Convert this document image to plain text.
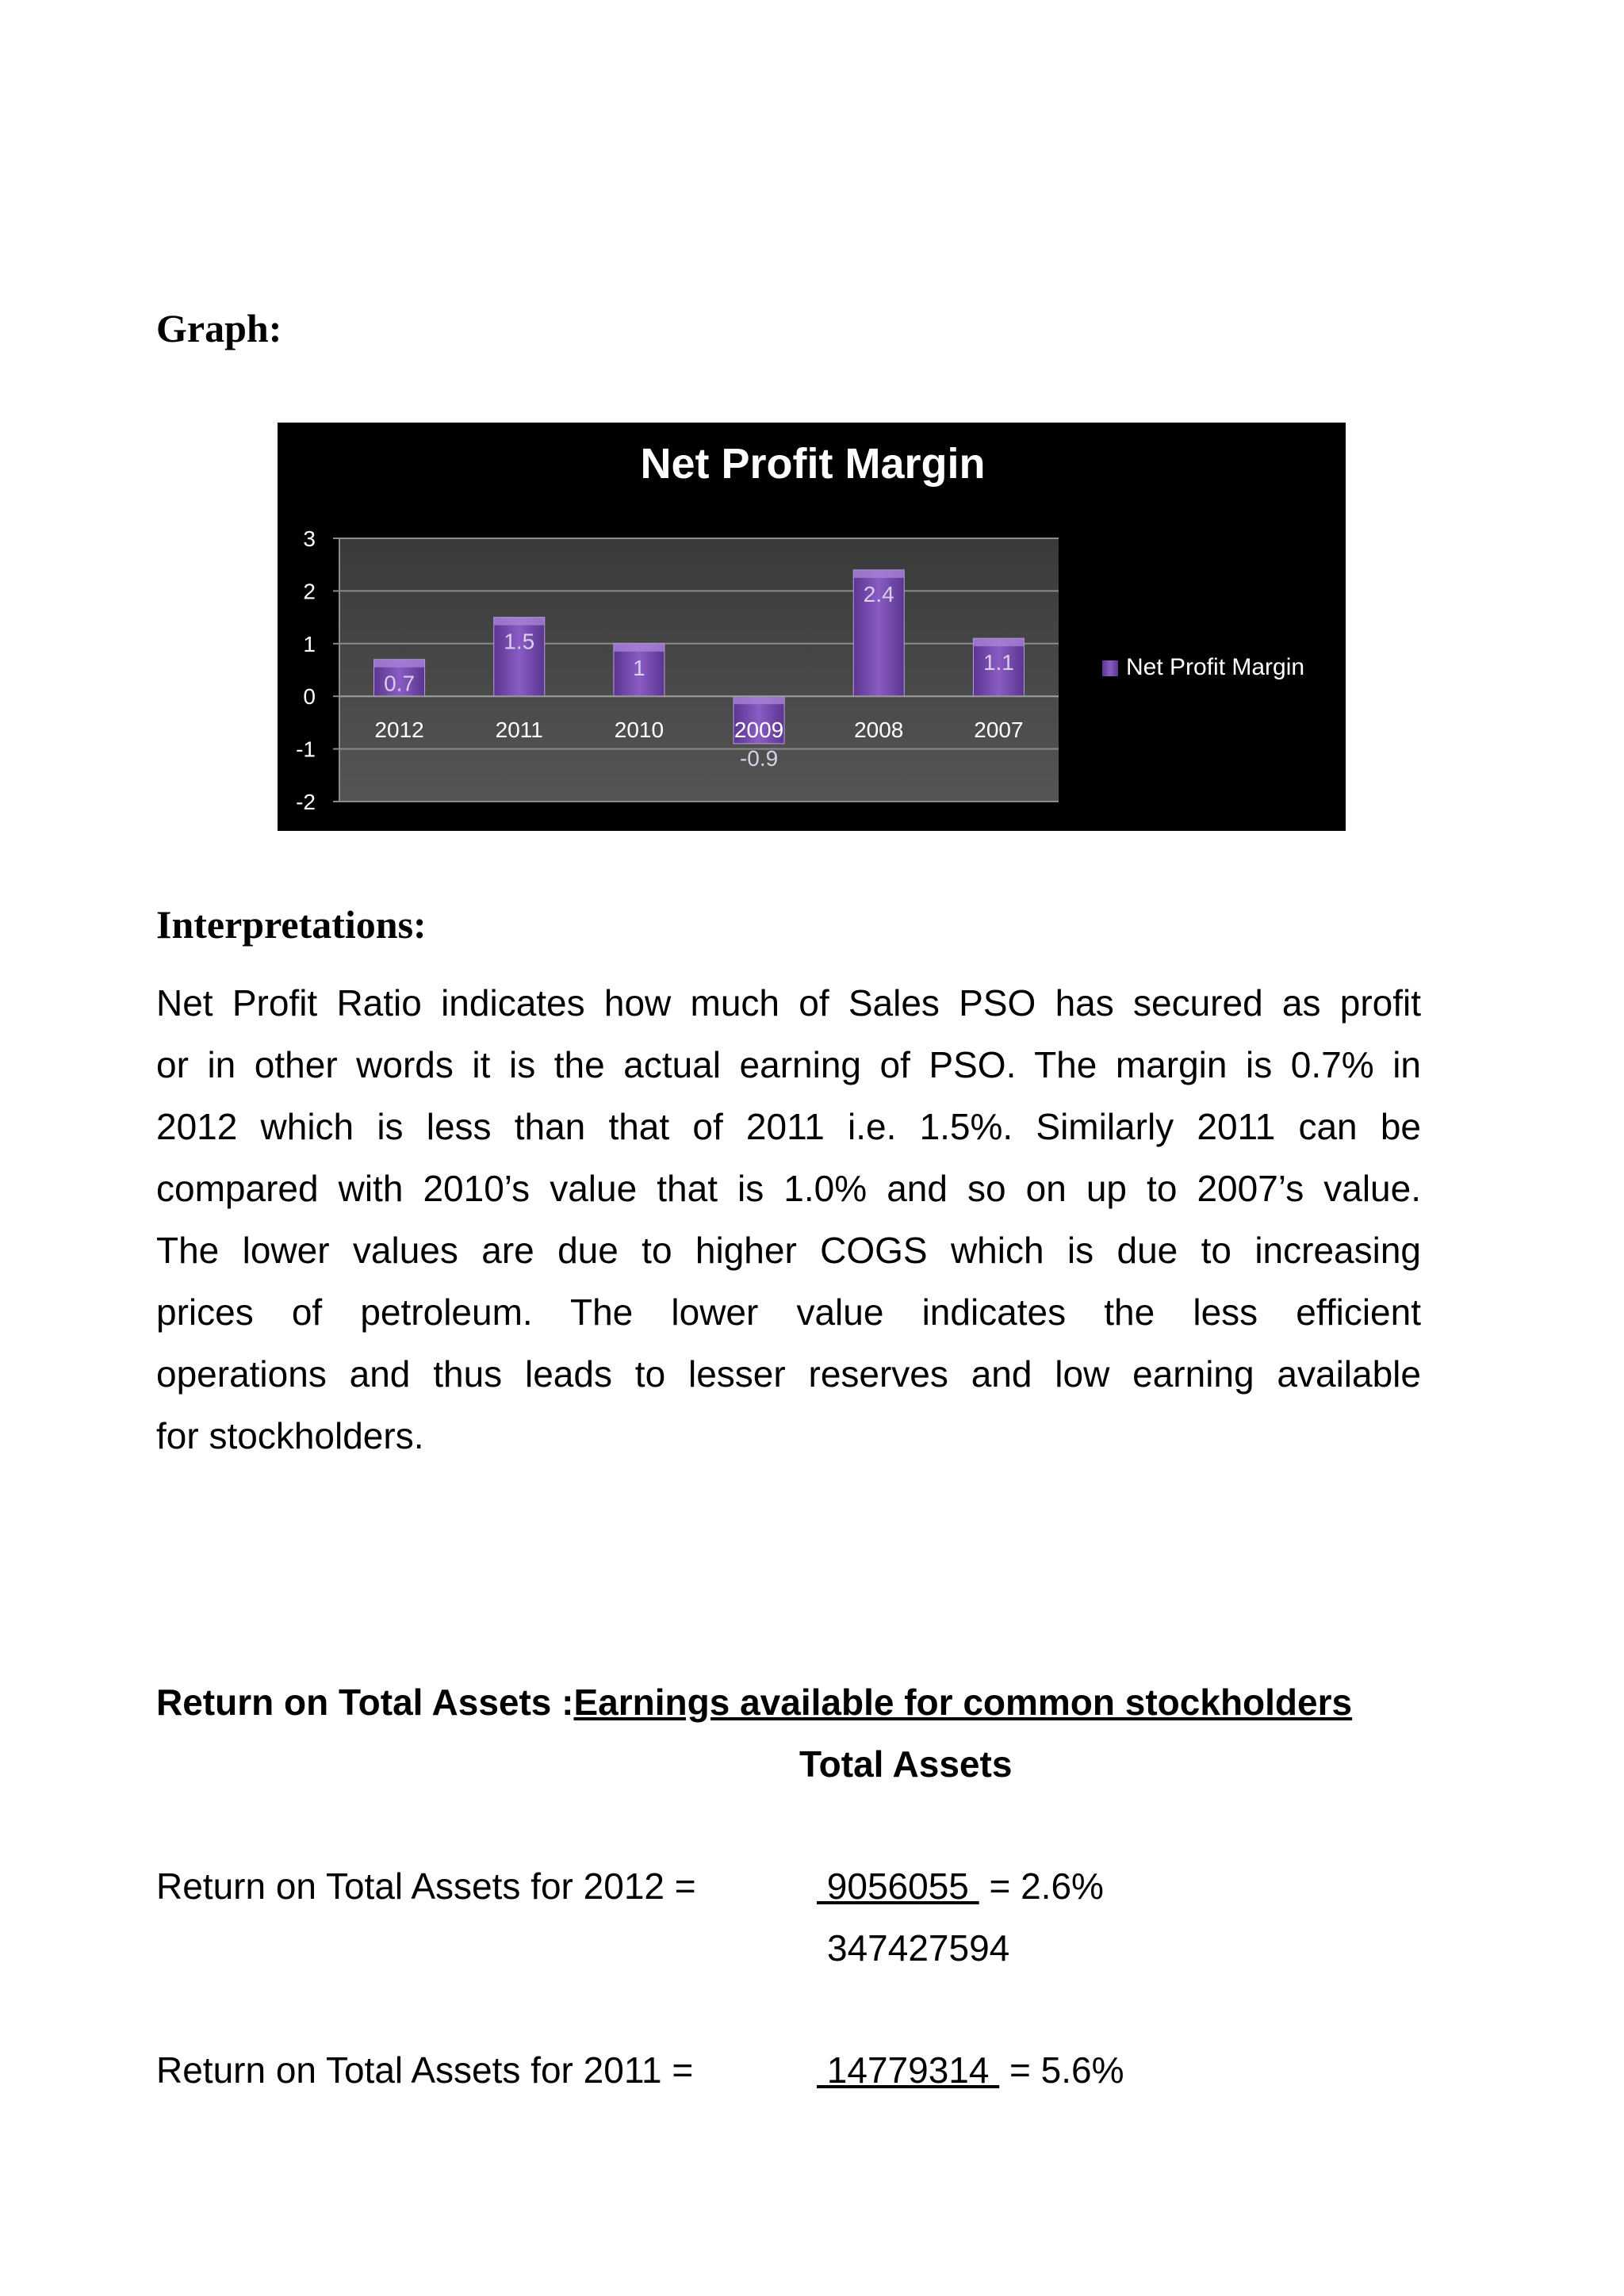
Graph:
Net Profit Margin
3
2
1
0
-1
-2
0.7
2012
1.5
2011
1
2010
-0.9
2009
2.4
2008
1.1
2007
Net Profit Margin
Interpretations:
Net Profit Ratio indicates how much of Sales PSO has secured as profit
or in other words it is the actual earning of PSO. The margin is 0.7% in
2012 which is less than that of 2011 i.e. 1.5%. Similarly 2011 can be
compared with 2010’s value that is 1.0% and so on up to 2007’s value.
The lower values are due to higher COGS which is due to increasing
prices of petroleum. The lower value indicates the less efficient
operations and thus leads to lesser reserves and low earning available
for stockholders.
Return on Total Assets :Earnings available for common stockholders
Total Assets
Return on Total Assets for 2012 =	9056055  = 2.6%
347427594
Return on Total Assets for 2011 =	14779314  = 5.6%
